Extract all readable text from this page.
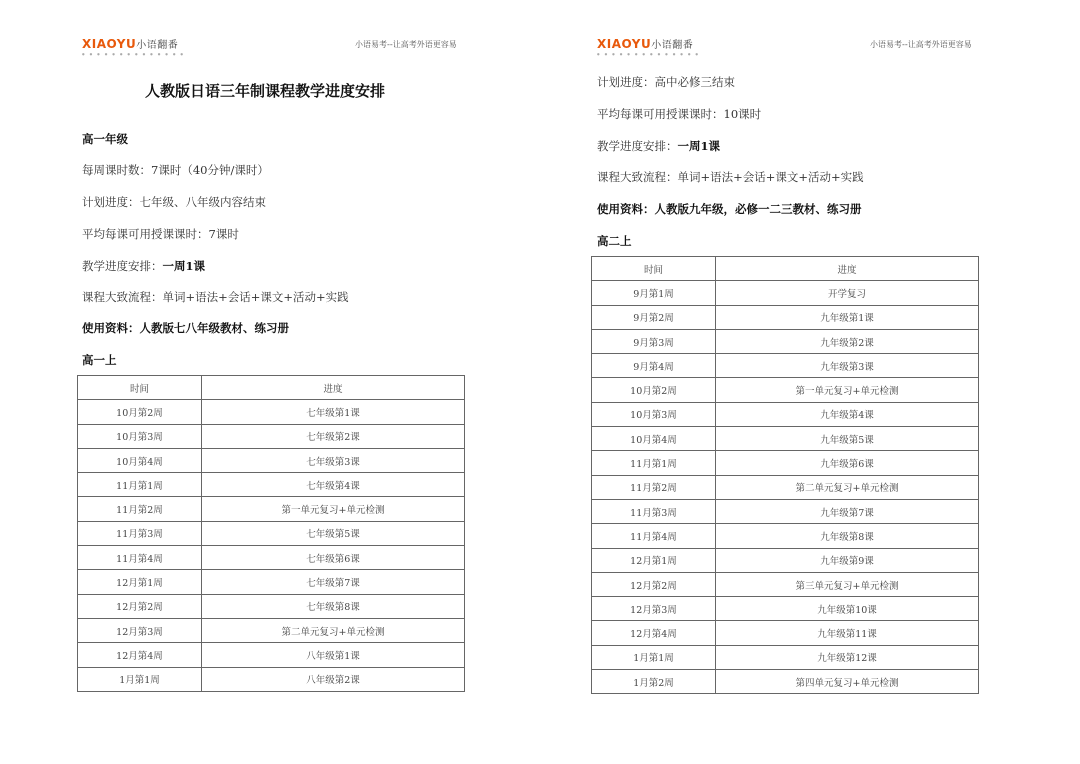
XIAOYU小语翻番
● ● ● ● ● ● ● ● ● ● ● ● ● ●
小语易考--让高考外语更容易
人教版日语三年制课程教学进度安排
高一年级
每周课时数：7课时（40分钟/课时）
计划进度：七年级、八年级内容结束
平均每课可用授课课时：7课时
教学进度安排：一周1课
课程大致流程：单词+语法+会话+课文+活动+实践
使用资料：人教版七八年级教材、练习册
高一上
时间	进度
10月第2周	七年级第1课
10月第3周	七年级第2课
10月第4周	七年级第3课
11月第1周	七年级第4课
11月第2周	第一单元复习+单元检测
11月第3周	七年级第5课
11月第4周	七年级第6课
12月第1周	七年级第7课
12月第2周	七年级第8课
12月第3周	第二单元复习+单元检测
12月第4周	八年级第1课
1月第1周	八年级第2课
XIAOYU小语翻番
● ● ● ● ● ● ● ● ● ● ● ● ● ●
小语易考--让高考外语更容易
计划进度：高中必修三结束
平均每课可用授课课时：10课时
教学进度安排：一周1课
课程大致流程：单词+语法+会话+课文+活动+实践
使用资料：人教版九年级，必修一二三教材、练习册
高二上
时间	进度
9月第1周	开学复习
9月第2周	九年级第1课
9月第3周	九年级第2课
9月第4周	九年级第3课
10月第2周	第一单元复习+单元检测
10月第3周	九年级第4课
10月第4周	九年级第5课
11月第1周	九年级第6课
11月第2周	第二单元复习+单元检测
11月第3周	九年级第7课
11月第4周	九年级第8课
12月第1周	九年级第9课
12月第2周	第三单元复习+单元检测
12月第3周	九年级第10课
12月第4周	九年级第11课
1月第1周	九年级第12课
1月第2周	第四单元复习+单元检测
